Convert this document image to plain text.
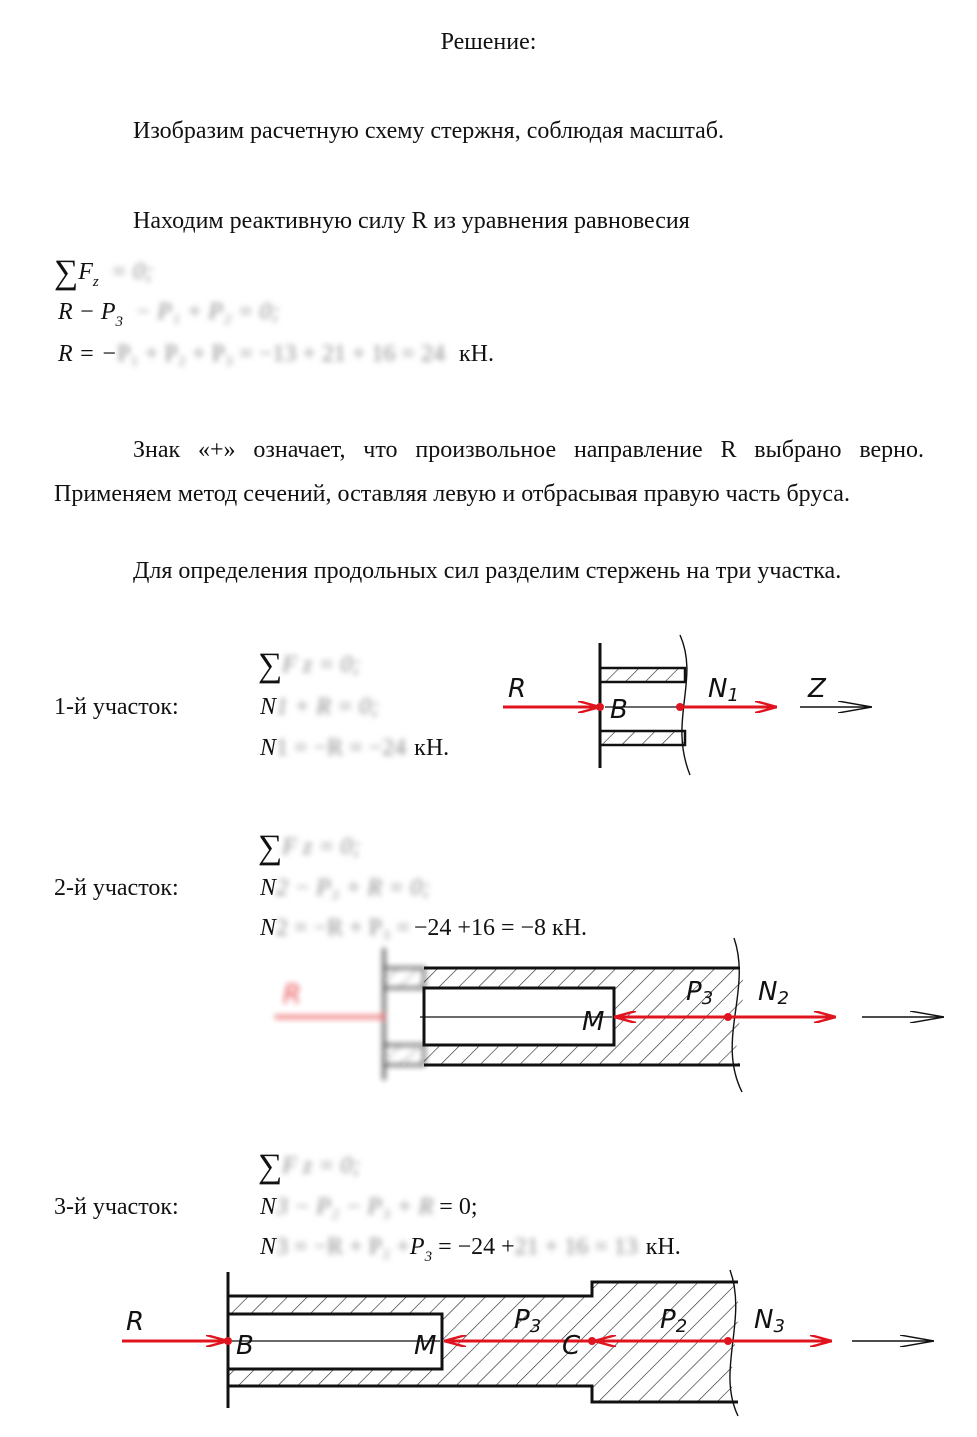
Решение:
Изобразим расчетную схему стержня, соблюдая масштаб.
Находим реактивную силу R из уравнения равновесия
$\sum F_z = 0$;
$R - P_3 - P_1 + P_2 = 0$;
R = −P₁ + P₂ + P₃ = −13 + 21 + 16 = 24 кН.
Знак «+» означает, что произвольное направление R выбрано верно. Применяем метод сечений, оставляя левую и отбрасывая правую часть бруса.
Для определения продольных сил разделим стержень на три участка.
1-й участок:
∑F z = 0;
N1 + R = 0;
N1 = −R = −24 кН.
2-й участок:
∑F z = 0;
N2 − P₃ + R = 0;
N2 = −R + P₃ = −24 +16 = −8 кН.
3-й участок:
∑F z = 0;
N3 − P₂ − P₃ + R = 0;
$N3 = -R + P_2 +P_3 = -24 +21 + 16 = 13$ кН.
R
B
N1	Z
R
M
P3 N2
R
B	M
P3
C
P2	N3
